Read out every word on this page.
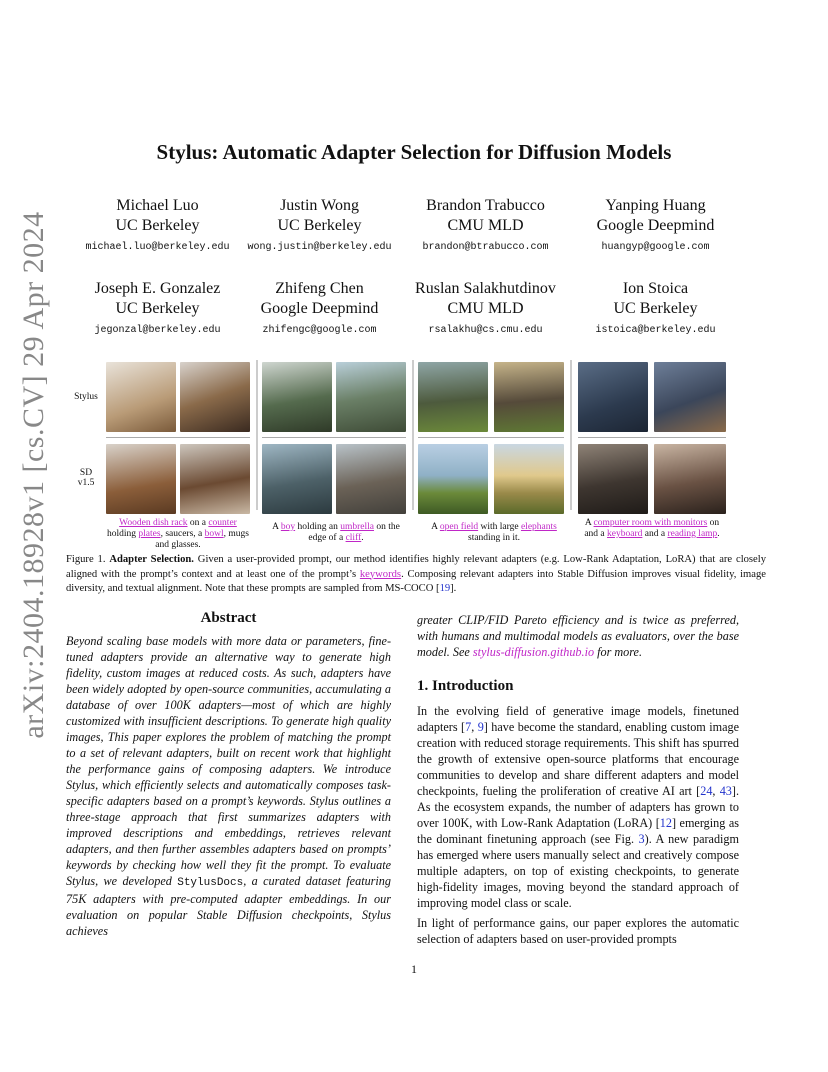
arXiv:2404.18928v1 [cs.CV] 29 Apr 2024
Stylus: Automatic Adapter Selection for Diffusion Models
Michael Luo
UC Berkeley
michael.luo@berkeley.edu
Justin Wong
UC Berkeley
wong.justin@berkeley.edu
Brandon Trabucco
CMU MLD
brandon@btrabucco.com
Yanping Huang
Google Deepmind
huangyp@google.com
Joseph E. Gonzalez
UC Berkeley
jegonzal@berkeley.edu
Zhifeng Chen
Google Deepmind
zhifengc@google.com
Ruslan Salakhutdinov
CMU MLD
rsalakhu@cs.cmu.edu
Ion Stoica
UC Berkeley
istoica@berkeley.edu
Stylus
SD
v1.5
Wooden dish rack on a counter holding plates, saucers, a bowl, mugs and glasses.
A boy holding an umbrella on the edge of a cliff.
A open field with large elephants standing in it.
A computer room with monitors on and a keyboard and a reading lamp.
Figure 1. Adapter Selection. Given a user-provided prompt, our method identifies highly relevant adapters (e.g. Low-Rank Adaptation, LoRA) that are closely aligned with the prompt’s context and at least one of the prompt’s keywords. Composing relevant adapters into Stable Diffusion improves visual fidelity, image diversity, and textual alignment. Note that these prompts are sampled from MS-COCO [19].
Abstract
Beyond scaling base models with more data or parameters, fine-tuned adapters provide an alternative way to generate high fidelity, custom images at reduced costs. As such, adapters have been widely adopted by open-source communities, accumulating a database of over 100K adapters—most of which are highly customized with insufficient descriptions. To generate high quality images, This paper explores the problem of matching the prompt to a set of relevant adapters, built on recent work that highlight the performance gains of composing adapters. We introduce Stylus, which efficiently selects and automatically composes task-specific adapters based on a prompt’s keywords. Stylus outlines a three-stage approach that first summarizes adapters with improved descriptions and embeddings, retrieves relevant adapters, and then further assembles adapters based on prompts’ keywords by checking how well they fit the prompt. To evaluate Stylus, we developed StylusDocs, a curated dataset featuring 75K adapters with pre-computed adapter embeddings. In our evaluation on popular Stable Diffusion checkpoints, Stylus achieves
greater CLIP/FID Pareto efficiency and is twice as preferred, with humans and multimodal models as evaluators, over the base model. See stylus-diffusion.github.io for more.
1. Introduction

In the evolving field of generative image models, finetuned adapters [7, 9] have become the standard, enabling custom image creation with reduced storage requirements. This shift has spurred the growth of extensive open-source platforms that encourage communities to develop and share different adapters and model checkpoints, fueling the proliferation of creative AI art [24, 43]. As the ecosystem expands, the number of adapters has grown to over 100K, with Low-Rank Adaptation (LoRA) [12] emerging as the dominant finetuning approach (see Fig. 3). A new paradigm has emerged where users manually select and creatively compose multiple adapters, on top of existing checkpoints, to generate high-fidelity images, moving beyond the standard approach of improving model class or scale.

In light of performance gains, our paper explores the automatic selection of adapters based on user-provided prompts

1
